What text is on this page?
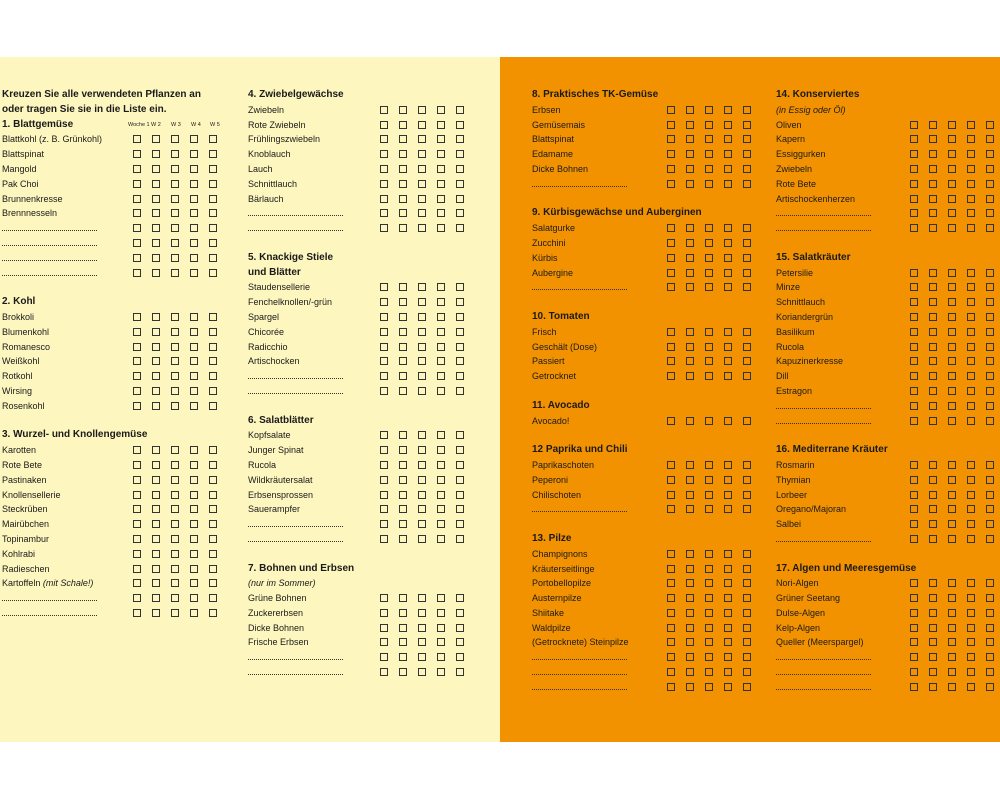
Kreuzen Sie alle verwendeten Pflanzen an
oder tragen Sie sie in die Liste ein.
1. Blattgemüse	Woche 1 W 2 W 3 W 4 W 5
Blattkohl (z. B. Grünkohl)
Blattspinat
Mangold
Pak Choi
Brunnenkresse
Brennnesseln
2. Kohl
Brokkoli
Blumenkohl
Romanesco
Weißkohl
Rotkohl
Wirsing
Rosenkohl
3. Wurzel- und Knollengemüse
Karotten
Rote Bete
Pastinaken
Knollensellerie
Steckrüben
Mairübchen
Topinambur
Kohlrabi
Radieschen
Kartoffeln (mit Schale!)
4. Zwiebelgewächse
Zwiebeln
Rote Zwiebeln
Frühlingszwiebeln
Knoblauch
Lauch
Schnittlauch
Bärlauch
5. Knackige Stiele
und Blätter
Staudensellerie
Fenchelknollen/-grün
Spargel
Chicorée
Radicchio
Artischocken
6. Salatblätter
Kopfsalate
Junger Spinat
Rucola
Wildkräutersalat
Erbsensprossen
Sauerampfer
7. Bohnen und Erbsen
(nur im Sommer)
Grüne Bohnen
Zuckererbsen
Dicke Bohnen
Frische Erbsen
8. Praktisches TK-Gemüse
Erbsen
Gemüsemais
Blattspinat
Edamame
Dicke Bohnen
9. Kürbisgewächse und Auberginen
Salatgurke
Zucchini
Kürbis
Aubergine
10. Tomaten
Frisch
Geschält (Dose)
Passiert
Getrocknet
11. Avocado
Avocado!
12 Paprika und Chili
Paprikaschoten
Peperoni
Chilischoten
13. Pilze
Champignons
Kräuterseitlinge
Portobellopilze
Austernpilze
Shiitake
Waldpilze
(Getrocknete) Steinpilze
14. Konserviertes
(in Essig oder Öl)
Oliven
Kapern
Essiggurken
Zwiebeln
Rote Bete
Artischockenherzen
15. Salatkräuter
Petersilie
Minze
Schnittlauch
Koriandergrün
Basilikum
Rucola
Kapuzinerkresse
Dill
Estragon
16. Mediterrane Kräuter
Rosmarin
Thymian
Lorbeer
Oregano/Majoran
Salbei
17. Algen und Meeresgemüse
Nori-Algen
Grüner Seetang
Dulse-Algen
Kelp-Algen
Queller (Meerspargel)
